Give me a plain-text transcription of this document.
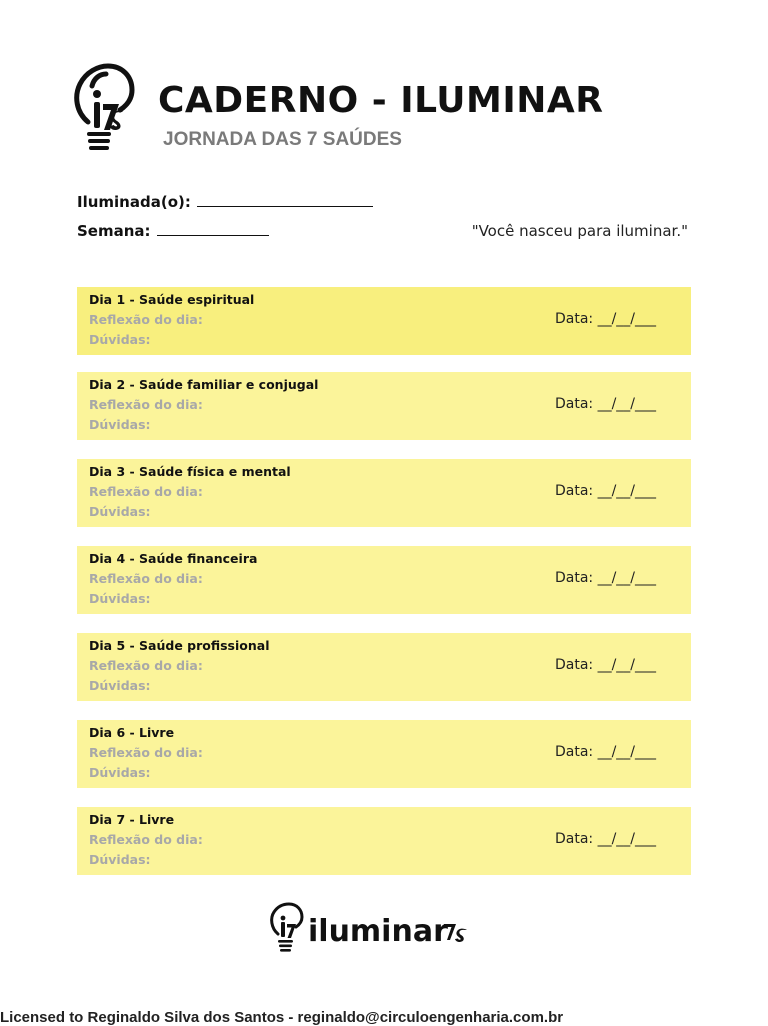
CADERNO - ILUMINAR
JORNADA DAS 7 SAÚDES
Iluminada(o):
Semana:	"Você nasceu para iluminar."
Dia 1 - Saúde espiritual
Reflexão do dia:
Dúvidas:
Data: __/__/___
Dia 2 - Saúde familiar e conjugal
Reflexão do dia:
Dúvidas:
Data: __/__/___
Dia 3 - Saúde física e mental
Reflexão do dia:
Dúvidas:
Data: __/__/___
Dia 4 - Saúde financeira
Reflexão do dia:
Dúvidas:
Data: __/__/___
Dia 5 - Saúde profissional
Reflexão do dia:
Dúvidas:
Data: __/__/___
Dia 6 - Livre
Reflexão do dia:
Dúvidas:
Data: __/__/___
Dia 7 - Livre
Reflexão do dia:
Dúvidas:
Data: __/__/___
iluminar
Licensed to Reginaldo Silva dos Santos - reginaldo@circuloengenharia.com.br
